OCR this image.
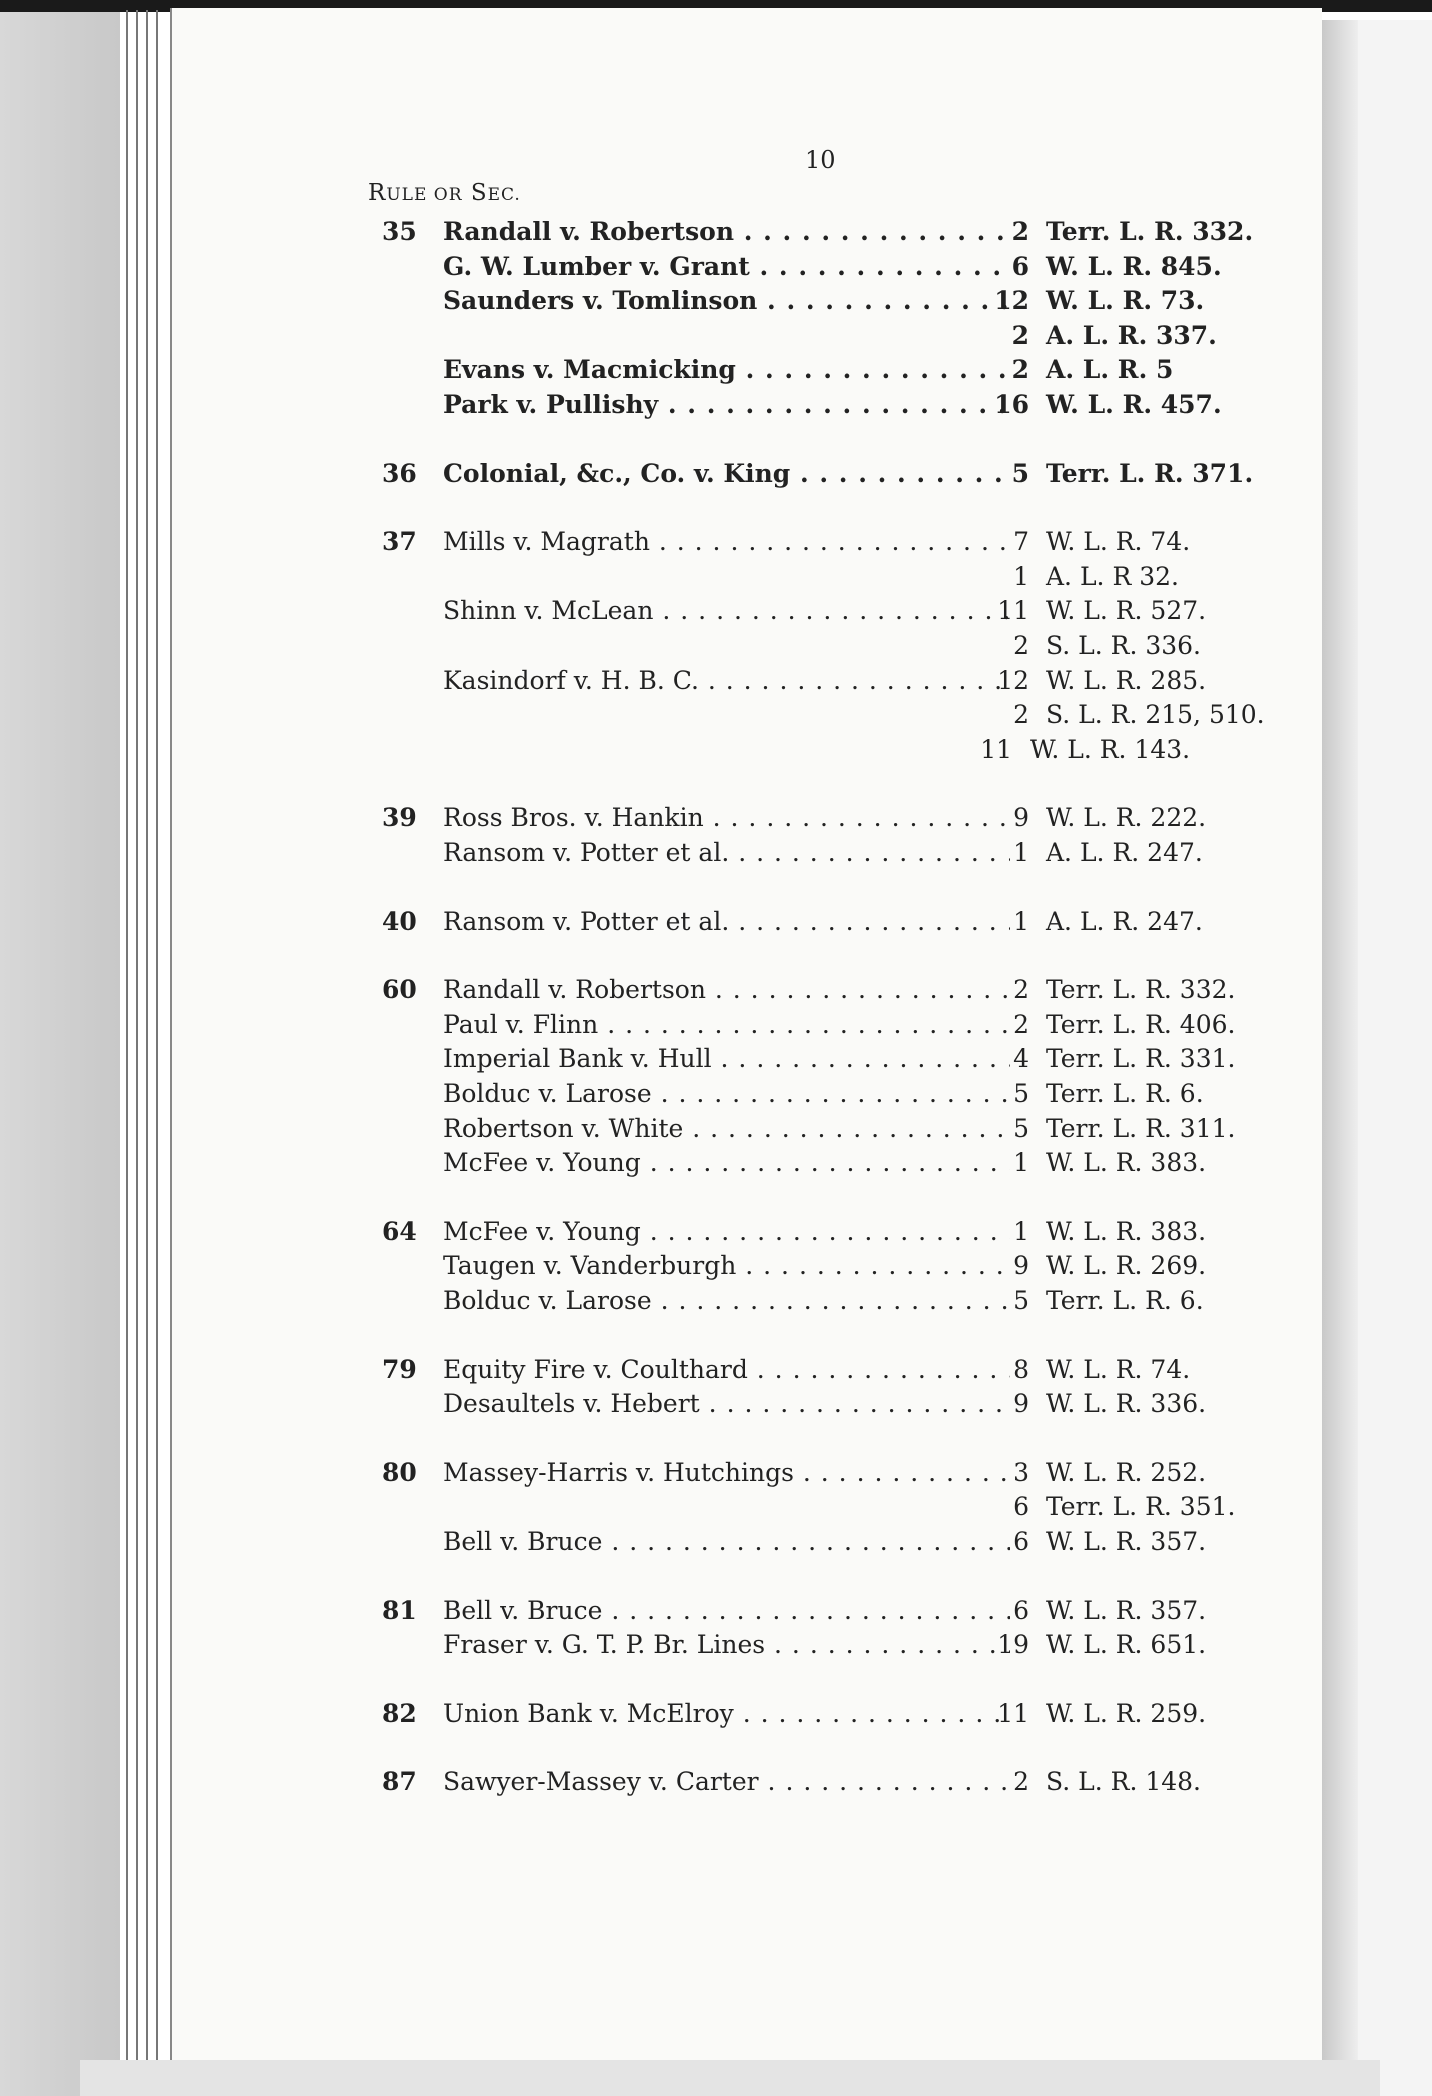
10
RULE OR SEC.
35 Randall v. Robertson . . .	2 Terr. L. R. 332.
G. W. Lumber v. Grant . . .	6 W. L. R. 845.
Saunders v. Tomlinson . . .	12 W. L. R. 73.
2 A. L. R. 337.
Evans v. Macmicking . . .	2 A. L. R. 5
Park v. Pullishy . . .	16 W. L. R. 457.
36 Colonial, &c., Co. v. King . . .	5 Terr. L. R. 371.
37 Mills v. Magrath . . .	7 W. L. R. 74.
1 A. L. R 32.
Shinn v. McLean . . .	11 W. L. R. 527.
2 S. L. R. 336.
Kasindorf v. H. B. C. . . .	12 W. L. R. 285.
2 S. L. R. 215, 510.
11 W. L. R. 143.
39 Ross Bros. v. Hankin . . .	9 W. L. R. 222.
Ransom v. Potter et al. . . .	1 A. L. R. 247.
40 Ransom v. Potter et al. . . .	1 A. L. R. 247.
60 Randall v. Robertson . . .	2 Terr. L. R. 332.
Paul v. Flinn . . .	2 Terr. L. R. 406.
Imperial Bank v. Hull . . .	4 Terr. L. R. 331.
Bolduc v. Larose . . .	5 Terr. L. R. 6.
Robertson v. White . . .	5 Terr. L. R. 311.
McFee v. Young . . .	1 W. L. R. 383.
64 McFee v. Young . . .	1 W. L. R. 383.
Taugen v. Vanderburgh . . .	9 W. L. R. 269.
Bolduc v. Larose . . .	5 Terr. L. R. 6.
79 Equity Fire v. Coulthard . . .	8 W. L. R. 74.
Desaultels v. Hebert . . .	9 W. L. R. 336.
80 Massey-Harris v. Hutchings . . .	3 W. L. R. 252.
6 Terr. L. R. 351.
Bell v. Bruce . . .	6 W. L. R. 357.
81 Bell v. Bruce . . .	6 W. L. R. 357.
Fraser v. G. T. P. Br. Lines . . .	19 W. L. R. 651.
82 Union Bank v. McElroy . . .	11 W. L. R. 259.
87 Sawyer-Massey v. Carter . . .	2 S. L. R. 148.
